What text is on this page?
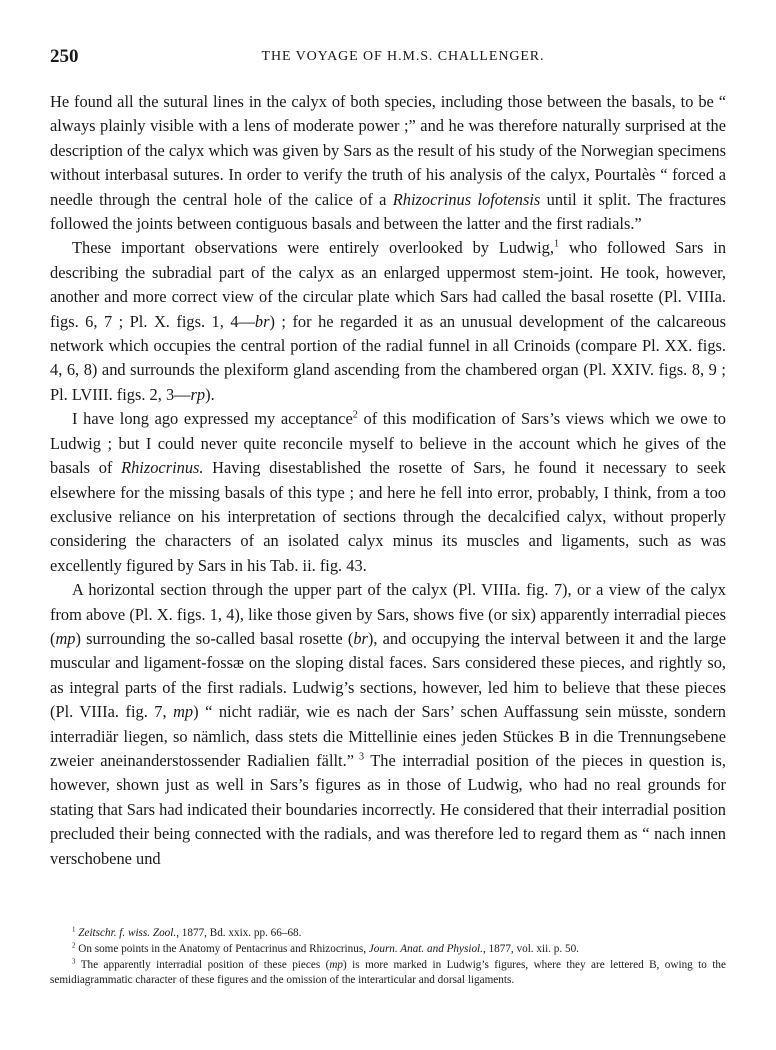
250	THE VOYAGE OF H.M.S. CHALLENGER.

He found all the sutural lines in the calyx of both species, including those between the basals, to be “ always plainly visible with a lens of moderate power ;” and he was therefore naturally surprised at the description of the calyx which was given by Sars as the result of his study of the Norwegian specimens without interbasal sutures. In order to verify the truth of his analysis of the calyx, Pourtalès “ forced a needle through the central hole of the calice of a Rhizocrinus lofotensis until it split. The fractures followed the joints between contiguous basals and between the latter and the first radials.”

These important observations were entirely overlooked by Ludwig,$^1$ who followed Sars in describing the subradial part of the calyx as an enlarged uppermost stem-joint. He took, however, another and more correct view of the circular plate which Sars had called the basal rosette (Pl. VIIIa. figs. 6, 7 ; Pl. X. figs. 1, 4—br) ; for he regarded it as an unusual development of the calcareous network which occupies the central portion of the radial funnel in all Crinoids (compare Pl. XX. figs. 4, 6, 8) and surrounds the plexiform gland ascending from the chambered organ (Pl. XXIV. figs. 8, 9 ; Pl. LVIII. figs. 2, 3—rp).

I have long ago expressed my acceptance$^2$ of this modification of Sars’s views which we owe to Ludwig ; but I could never quite reconcile myself to believe in the account which he gives of the basals of Rhizocrinus. Having disestablished the rosette of Sars, he found it necessary to seek elsewhere for the missing basals of this type ; and here he fell into error, probably, I think, from a too exclusive reliance on his interpretation of sections through the decalcified calyx, without properly considering the characters of an isolated calyx minus its muscles and ligaments, such as was excellently figured by Sars in his Tab. ii. fig. 43.

A horizontal section through the upper part of the calyx (Pl. VIIIa. fig. 7), or a view of the calyx from above (Pl. X. figs. 1, 4), like those given by Sars, shows five (or six) apparently interradial pieces (mp) surrounding the so-called basal rosette (br), and occupying the interval between it and the large muscular and ligament-fossæ on the sloping distal faces. Sars considered these pieces, and rightly so, as integral parts of the first radials. Ludwig’s sections, however, led him to believe that these pieces (Pl. VIIIa. fig. 7, mp) “ nicht radiär, wie es nach der Sars’ schen Auffassung sein müsste, sondern interradiär liegen, so nämlich, dass stets die Mittellinie eines jeden Stückes B in die Trennungsebene zweier aneinanderstossender Radialien fällt.” $^3$ The interradial position of the pieces in question is, however, shown just as well in Sars’s figures as in those of Ludwig, who had no real grounds for stating that Sars had indicated their boundaries incorrectly. He considered that their interradial position precluded their being connected with the radials, and was therefore led to regard them as “ nach innen verschobene und

$^1$ Zeitschr. f. wiss. Zool., 1877, Bd. xxix. pp. 66–68.

$^2$ On some points in the Anatomy of Pentacrinus and Rhizocrinus, Journ. Anat. and Physiol., 1877, vol. xii. p. 50.

$^3$ The apparently interradial position of these pieces (mp) is more marked in Ludwig’s figures, where they are lettered B, owing to the semidiagrammatic character of these figures and the omission of the interarticular and dorsal ligaments.
